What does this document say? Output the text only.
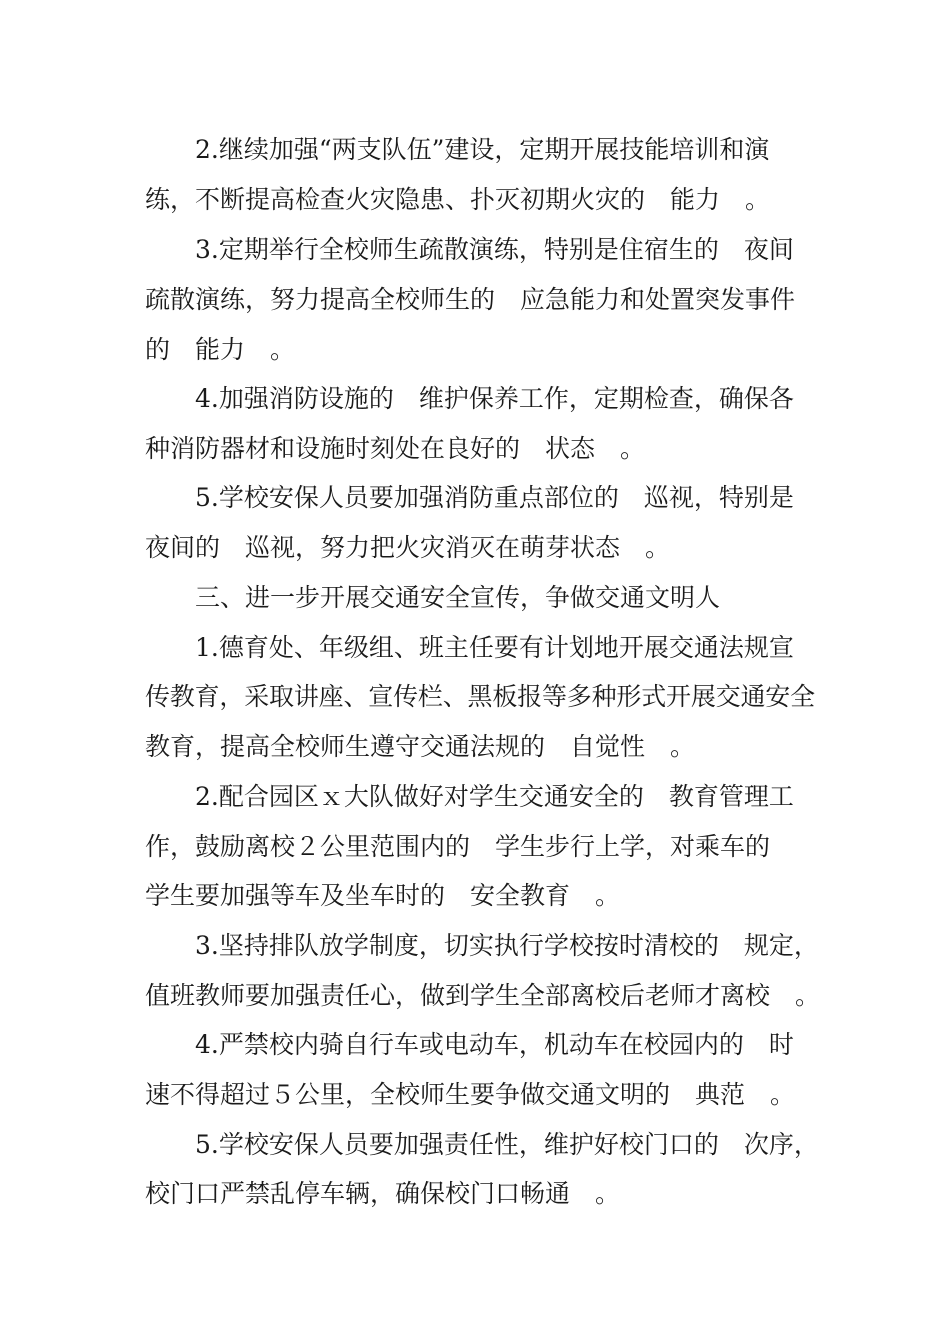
2.继续加强“两支队伍”建设，定期开展技能培训和演
练，不断提高检查火灾隐患、扑灭初期火灾的　能力　。
3.定期举行全校师生疏散演练，特别是住宿生的　夜间
疏散演练，努力提高全校师生的　应急能力和处置突发事件
的　能力　。
4.加强消防设施的　维护保养工作，定期检查，确保各
种消防器材和设施时刻处在良好的　状态　。
5.学校安保人员要加强消防重点部位的　巡视，特别是
夜间的　巡视，努力把火灾消灭在萌芽状态　。
三、进一步开展交通安全宣传，争做交通文明人
1.德育处、年级组、班主任要有计划地开展交通法规宣
传教育，采取讲座、宣传栏、黑板报等多种形式开展交通安全
教育，提高全校师生遵守交通法规的　自觉性　。
2.配合园区ｘ大队做好对学生交通安全的　教育管理工
作，鼓励离校２公里范围内的　学生步行上学，对乘车的
学生要加强等车及坐车时的　安全教育　。
3.坚持排队放学制度，切实执行学校按时清校的　规定，
值班教师要加强责任心，做到学生全部离校后老师才离校　。
4.严禁校内骑自行车或电动车，机动车在校园内的　时
速不得超过５公里，全校师生要争做交通文明的　典范　。
5.学校安保人员要加强责任性，维护好校门口的　次序，
校门口严禁乱停车辆，确保校门口畅通　。
